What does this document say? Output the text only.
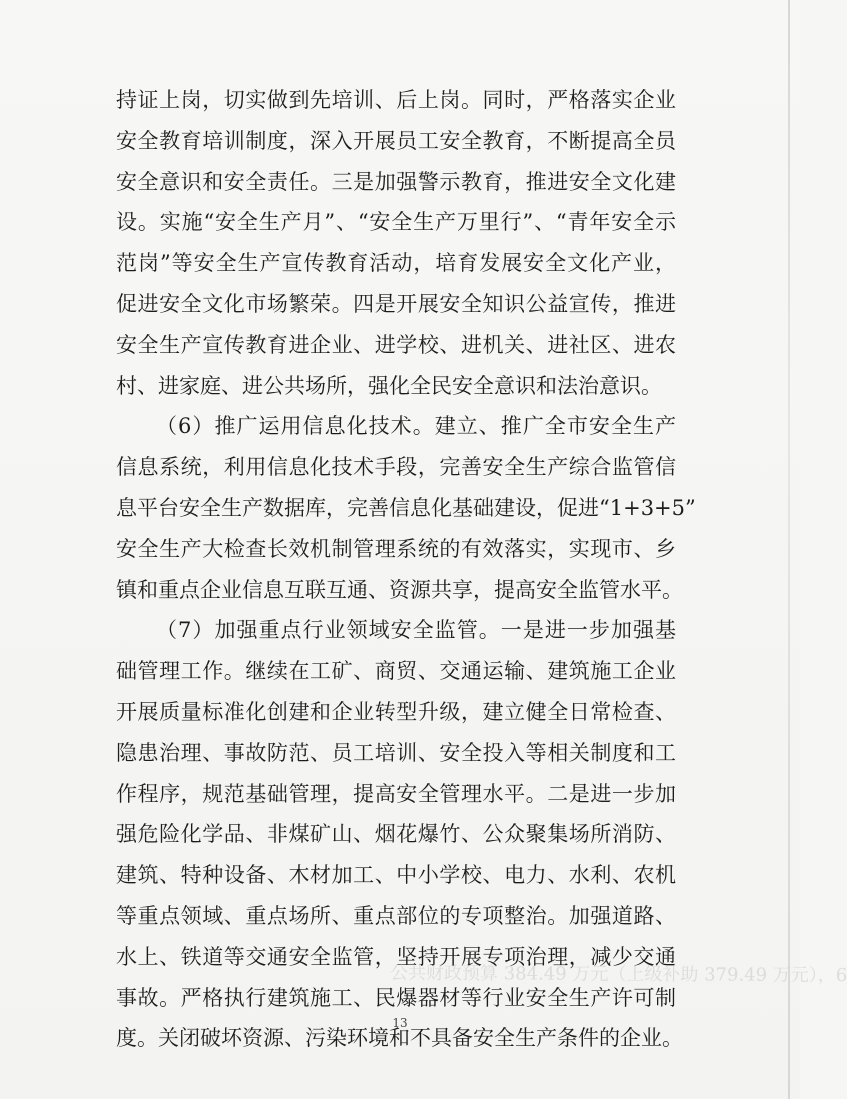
持证上岗，切实做到先培训、后上岗。同时，严格落实企业
安全教育培训制度，深入开展员工安全教育，不断提高全员
安全意识和安全责任。三是加强警示教育，推进安全文化建
设。实施“安全生产月”、“安全生产万里行”、“青年安全示
范岗”等安全生产宣传教育活动，培育发展安全文化产业，
促进安全文化市场繁荣。四是开展安全知识公益宣传，推进
安全生产宣传教育进企业、进学校、进机关、进社区、进农
村、进家庭、进公共场所，强化全民安全意识和法治意识。
（6）推广运用信息化技术。建立、推广全市安全生产
信息系统，利用信息化技术手段，完善安全生产综合监管信
息平台安全生产数据库，完善信息化基础建设，促进“1+3+5”
安全生产大检查长效机制管理系统的有效落实，实现市、乡
镇和重点企业信息互联互通、资源共享，提高安全监管水平。
（7）加强重点行业领域安全监管。一是进一步加强基
础管理工作。继续在工矿、商贸、交通运输、建筑施工企业
开展质量标准化创建和企业转型升级，建立健全日常检查、
隐患治理、事故防范、员工培训、安全投入等相关制度和工
作程序，规范基础管理，提高安全管理水平。二是进一步加
强危险化学品、非煤矿山、烟花爆竹、公众聚集场所消防、
建筑、特种设备、木材加工、中小学校、电力、水利、农机
等重点领域、重点场所、重点部位的专项整治。加强道路、
水上、铁道等交通安全监管，坚持开展专项治理，减少交通
事故。严格执行建筑施工、民爆器材等行业安全生产许可制
度。关闭破坏资源、污染环境和不具备安全生产条件的企业。
公共财政预算 384.49 万元（上级补助 379.49 万元），6
13
